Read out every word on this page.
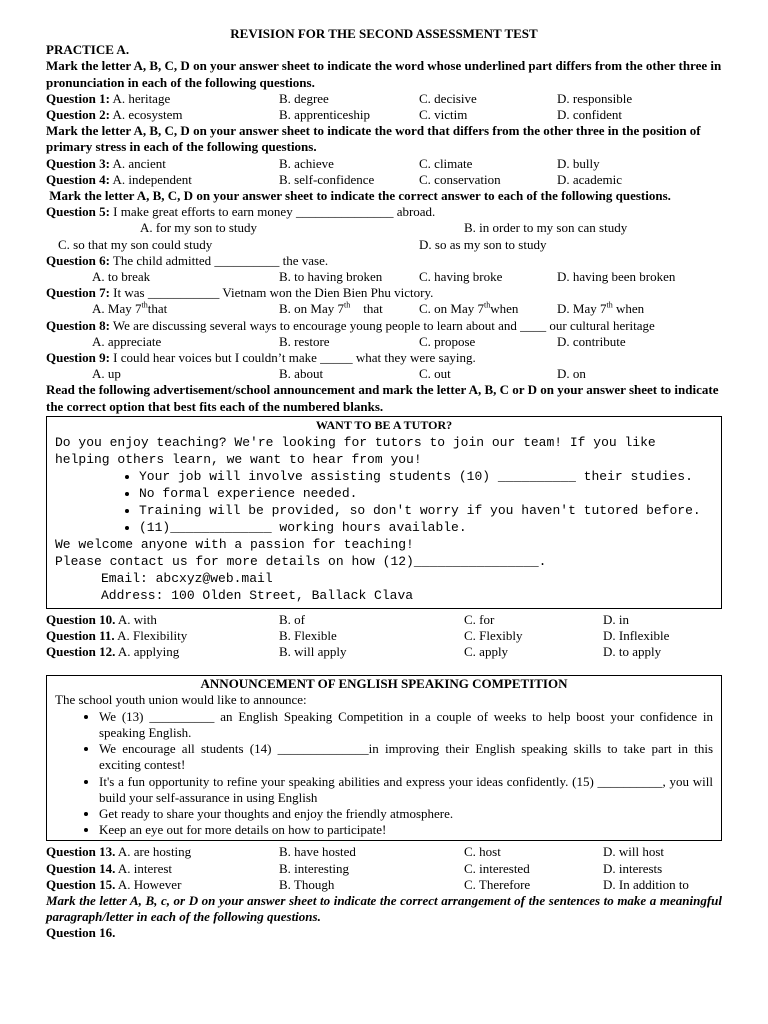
REVISION FOR THE SECOND ASSESSMENT TEST
PRACTICE A.
Mark the letter A, B, C, D on your answer sheet to indicate the word whose underlined part differs from the other three in pronunciation in each of the following questions.
Question 1: A. heritage	B. degree	C. decisive	D. responsible
Question 2: A. ecosystem	B. apprenticeship	C. victim	D. confident
Mark the letter A, B, C, D on your answer sheet to indicate the word that differs from the other three in the position of primary stress in each of the following questions.
Question 3: A. ancient	B. achieve	C. climate	D. bully
Question 4: A. independent	B. self-confidence	C. conservation	D. academic
Mark the letter A, B, C, D on your answer sheet to indicate the correct answer to each of the following questions.
Question 5: I make great efforts to earn money _______________ abroad.
A. for my son to study	B. in order to my son can study
C. so that my son could study	D. so as my son to study
Question 6: The child admitted __________ the vase.
A. to break	B. to having broken	C. having broke	D. having been broken
Question 7: It was ___________ Vietnam won the Dien Bien Phu victory.
A. May 7ththat	B. on May 7th that	C. on May 7thwhen	D. May 7th when
Question 8: We are discussing several ways to encourage young people to learn about and ____ our cultural heritage
A. appreciate	B. restore	C. propose	D. contribute
Question 9: I could hear voices but I couldn’t make _____ what they were saying.
A. up	B. about	C. out	D. on
Read the following advertisement/school announcement and mark the letter A, B, C or D on your answer sheet to indicate the correct option that best fits each of the numbered blanks.
WANT TO BE A TUTOR?
Do you enjoy teaching? We're looking for tutors to join our team! If you like helping others learn, we want to hear from you!
• Your job will involve assisting students (10) __________ their studies.
• No formal experience needed.
• Training will be provided, so don't worry if you haven't tutored before.
• (11)_____________ working hours available.
We welcome anyone with a passion for teaching!
Please contact us for more details on how (12)________________.
Email: abcxyz@web.mail
Address: 100 Olden Street, Ballack Clava
Question 10. A. with	B. of	C. for	D. in
Question 11. A. Flexibility	B. Flexible	C. Flexibly	D. Inflexible
Question 12. A. applying	B. will apply	C. apply	D. to apply
ANNOUNCEMENT OF ENGLISH SPEAKING COMPETITION
The school youth union would like to announce:
• We (13) __________ an English Speaking Competition in a couple of weeks to help boost your confidence in speaking English.
• We encourage all students (14) ______________in improving their English speaking skills to take part in this exciting contest!
• It's a fun opportunity to refine your speaking abilities and express your ideas confidently. (15) __________, you will build your self-assurance in using English
• Get ready to share your thoughts and enjoy the friendly atmosphere.
• Keep an eye out for more details on how to participate!
Question 13. A. are hosting	B. have hosted	C. host	D. will host
Question 14. A. interest	B. interesting	C. interested	D. interests
Question 15. A. However	B. Though	C. Therefore	D. In addition to
Mark the letter A, B, c, or D on your answer sheet to indicate the correct arrangement of the sentences to make a meaningful paragraph/letter in each of the following questions.
Question 16.
